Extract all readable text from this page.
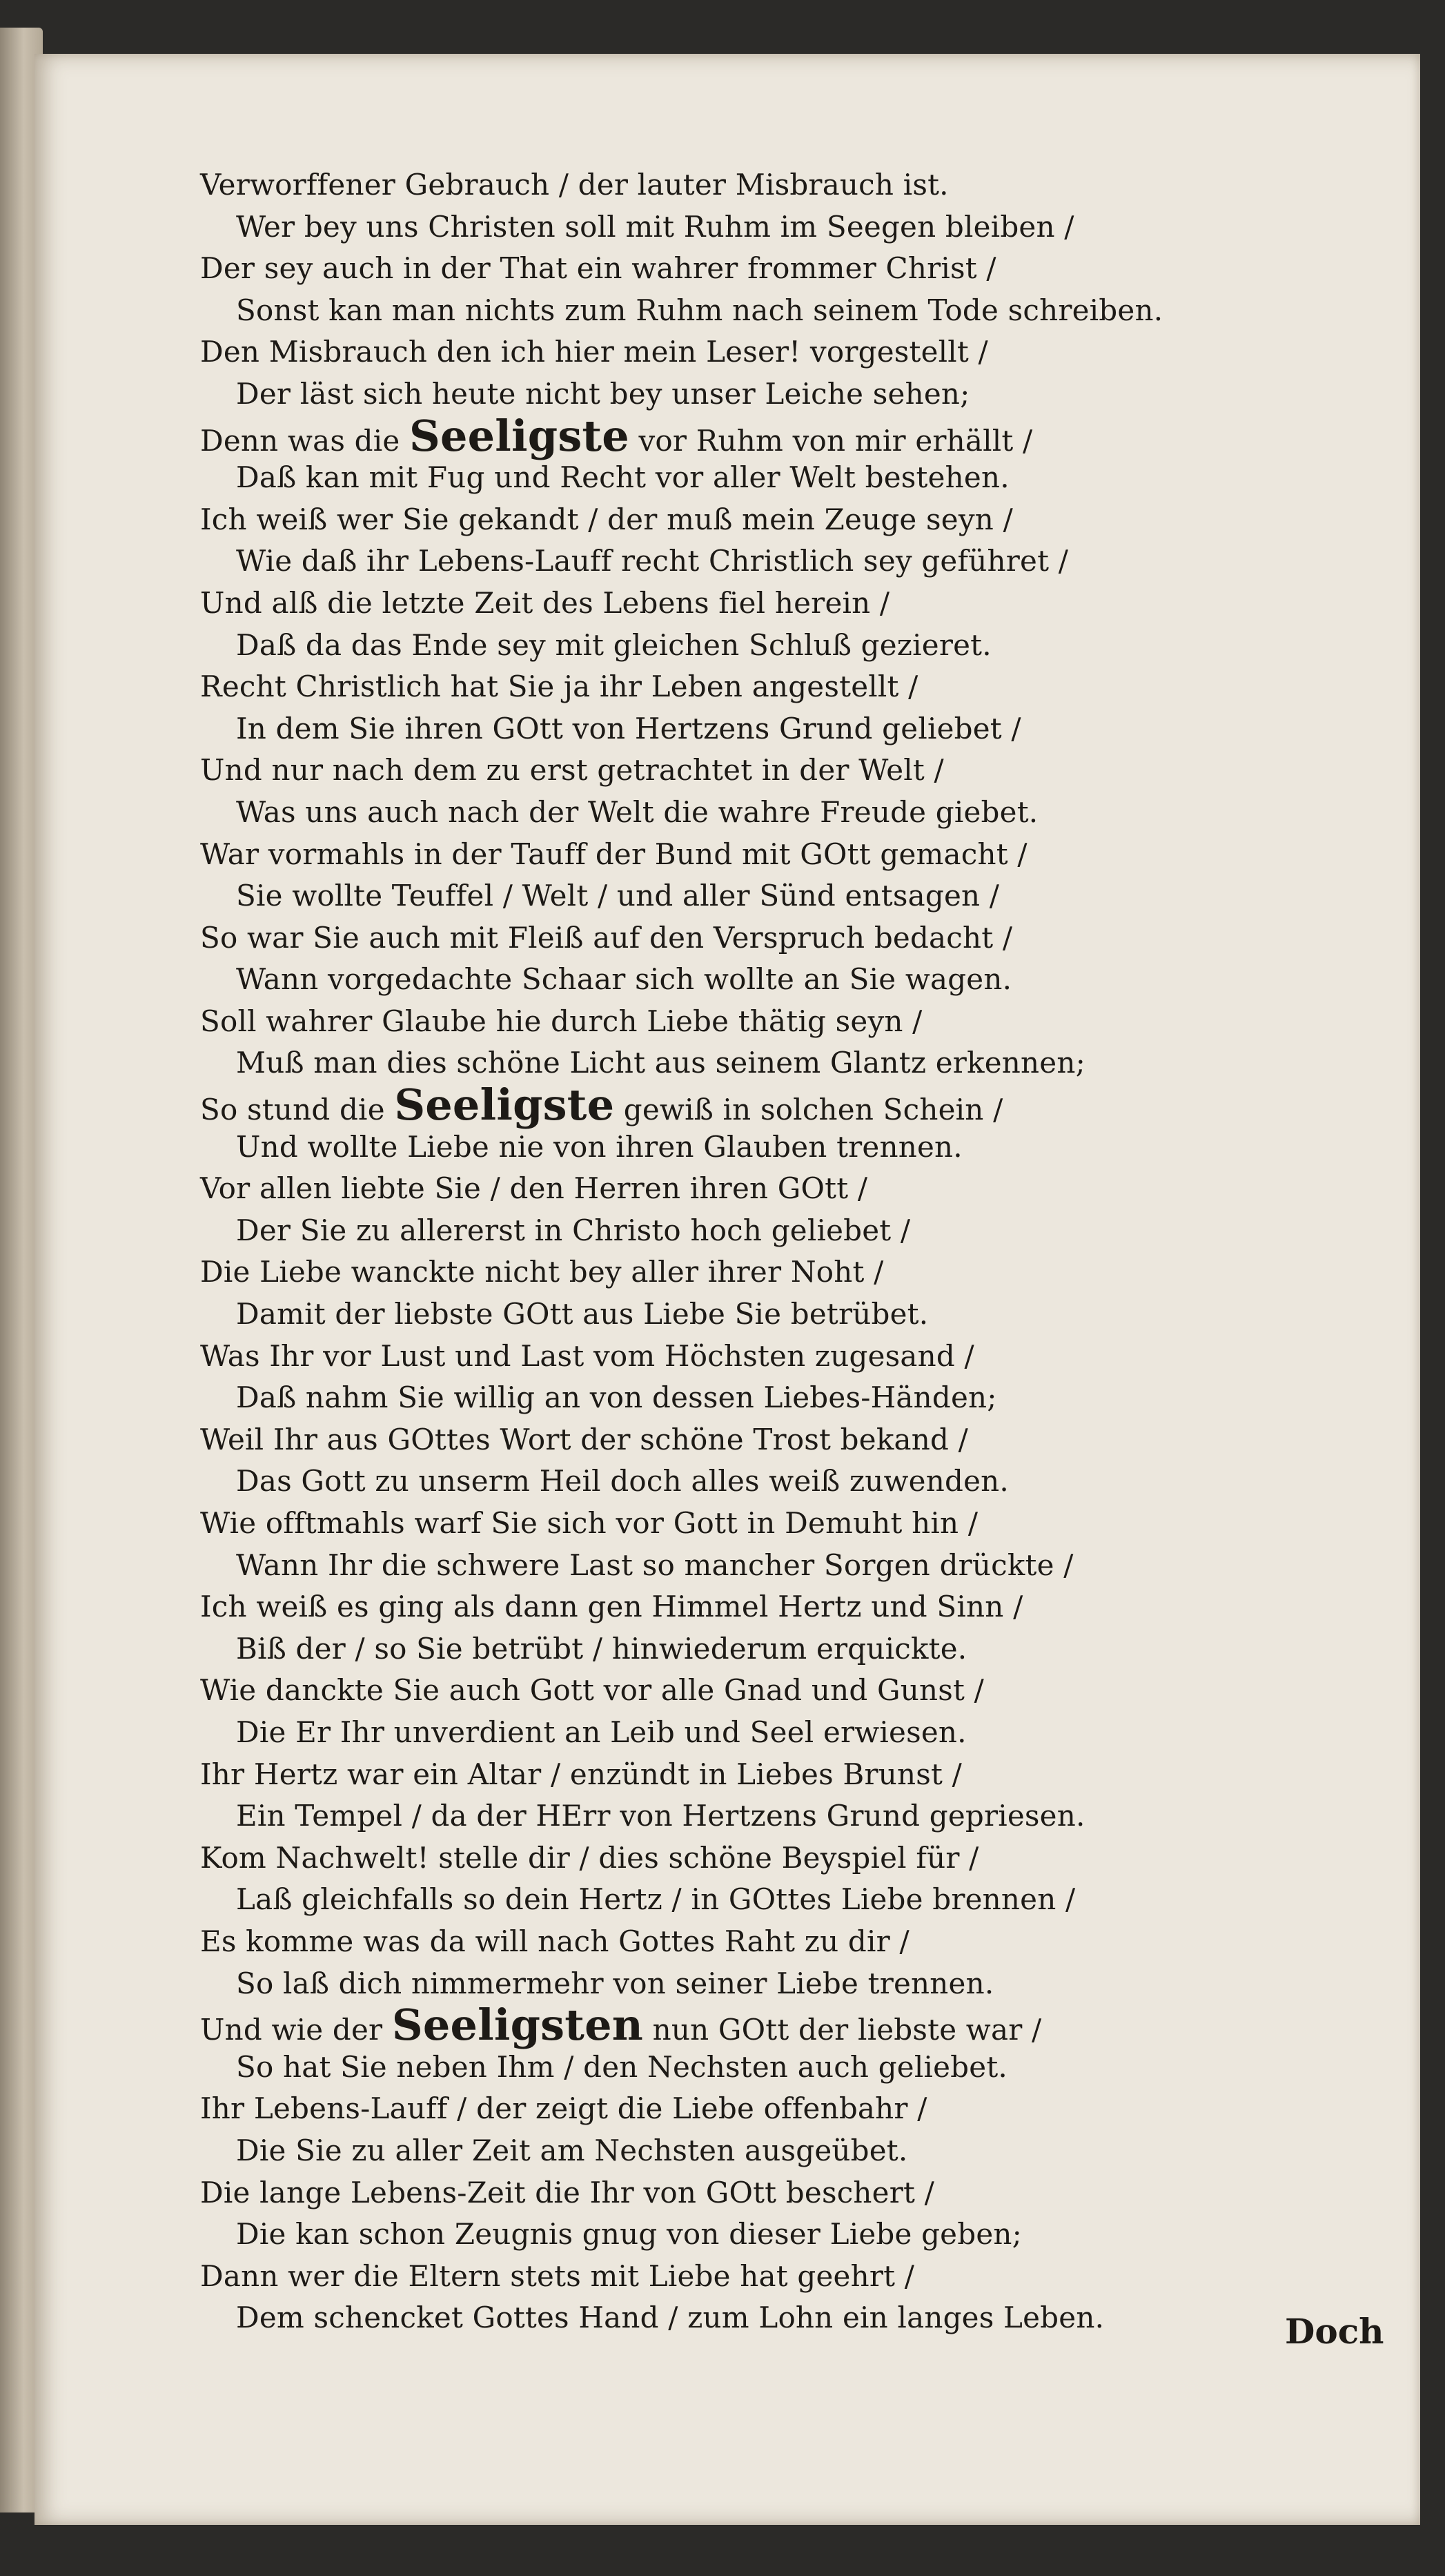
Verworffener Gebrauch / der lauter Misbrauch ist.
Wer bey uns Christen soll mit Ruhm im Seegen bleiben /
Der sey auch in der That ein wahrer frommer Christ /
Sonst kan man nichts zum Ruhm nach seinem Tode schreiben.
Den Misbrauch den ich hier mein Leser! vorgestellt /
Der läst sich heute nicht bey unser Leiche sehen;
Denn was die Seeligste vor Ruhm von mir erhällt /
Daß kan mit Fug und Recht vor aller Welt bestehen.
Ich weiß wer Sie gekandt / der muß mein Zeuge seyn /
Wie daß ihr Lebens-Lauff recht Christlich sey geführet /
Und alß die letzte Zeit des Lebens fiel herein /
Daß da das Ende sey mit gleichen Schluß gezieret.
Recht Christlich hat Sie ja ihr Leben angestellt /
In dem Sie ihren GOtt von Hertzens Grund geliebet /
Und nur nach dem zu erst getrachtet in der Welt /
Was uns auch nach der Welt die wahre Freude giebet.
War vormahls in der Tauff der Bund mit GOtt gemacht /
Sie wollte Teuffel / Welt / und aller Sünd entsagen /
So war Sie auch mit Fleiß auf den Verspruch bedacht /
Wann vorgedachte Schaar sich wollte an Sie wagen.
Soll wahrer Glaube hie durch Liebe thätig seyn /
Muß man dies schöne Licht aus seinem Glantz erkennen;
So stund die Seeligste gewiß in solchen Schein /
Und wollte Liebe nie von ihren Glauben trennen.
Vor allen liebte Sie / den Herren ihren GOtt /
Der Sie zu allererst in Christo hoch geliebet /
Die Liebe wanckte nicht bey aller ihrer Noht /
Damit der liebste GOtt aus Liebe Sie betrübet.
Was Ihr vor Lust und Last vom Höchsten zugesand /
Daß nahm Sie willig an von dessen Liebes-Händen;
Weil Ihr aus GOttes Wort der schöne Trost bekand /
Das Gott zu unserm Heil doch alles weiß zuwenden.
Wie offtmahls warf Sie sich vor Gott in Demuht hin /
Wann Ihr die schwere Last so mancher Sorgen drückte /
Ich weiß es ging als dann gen Himmel Hertz und Sinn /
Biß der / so Sie betrübt / hinwiederum erquickte.
Wie danckte Sie auch Gott vor alle Gnad und Gunst /
Die Er Ihr unverdient an Leib und Seel erwiesen.
Ihr Hertz war ein Altar / enzündt in Liebes Brunst /
Ein Tempel / da der HErr von Hertzens Grund gepriesen.
Kom Nachwelt! stelle dir / dies schöne Beyspiel für /
Laß gleichfalls so dein Hertz / in GOttes Liebe brennen /
Es komme was da will nach Gottes Raht zu dir /
So laß dich nimmermehr von seiner Liebe trennen.
Und wie der Seeligsten nun GOtt der liebste war /
So hat Sie neben Ihm / den Nechsten auch geliebet.
Ihr Lebens-Lauff / der zeigt die Liebe offenbahr /
Die Sie zu aller Zeit am Nechsten ausgeübet.
Die lange Lebens-Zeit die Ihr von GOtt beschert /
Die kan schon Zeugnis gnug von dieser Liebe geben;
Dann wer die Eltern stets mit Liebe hat geehrt /
Dem schencket Gottes Hand / zum Lohn ein langes Leben.	Doch
